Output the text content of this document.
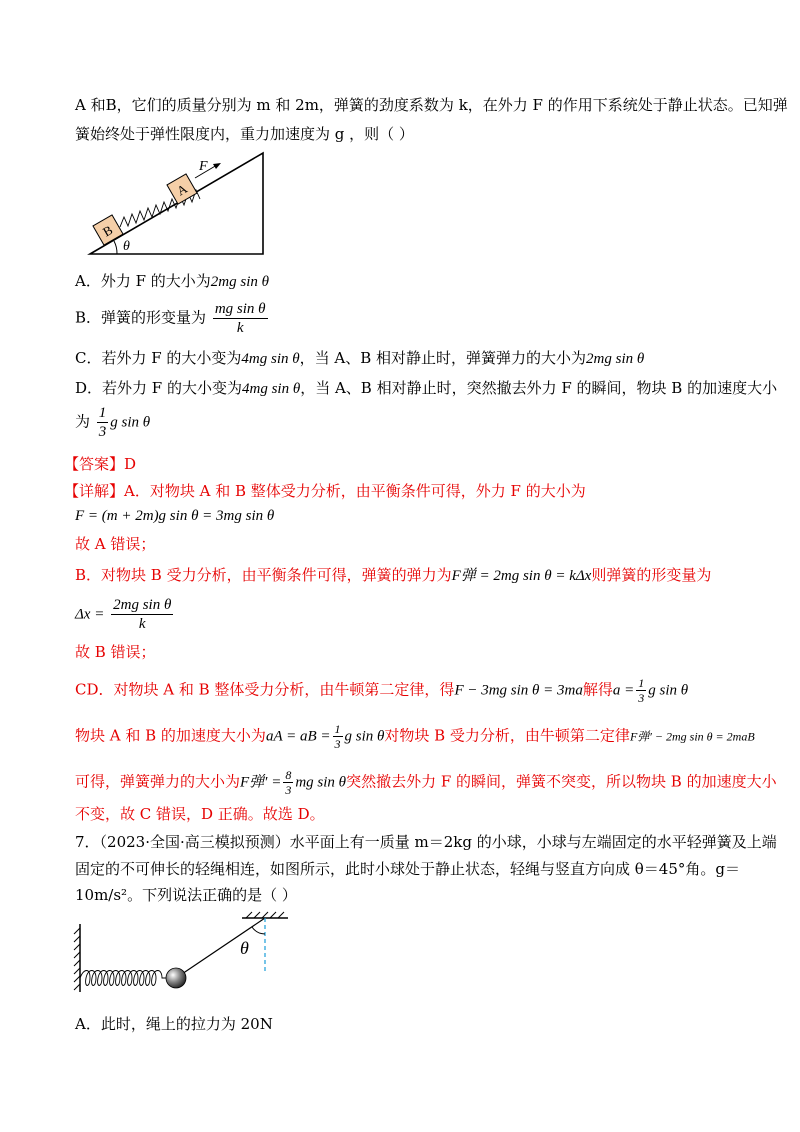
A 和B，它们的质量分别为 m 和 2m，弹簧的劲度系数为 k，在外力 F 的作用下系统处于静止状态。已知弹
簧始终处于弹性限度内，重力加速度为 g ，则（ ）
θ
B
A
F
A．外力 F 的大小为2mg sin θ
B．弹簧的形变量为 $\frac{\text{mg sin θ}}{k}$
C．若外力 F 的大小变为4mg sin θ，当 A、B 相对静止时，弹簧弹力的大小为2mg sin θ
D．若外力 F 的大小变为4mg sin θ，当 A、B 相对静止时，突然撤去外力 F 的瞬间，物块 B 的加速度大小
为 $\frac{1}{3}$ g sin θ
【答案】D
【详解】A．对物块 A 和 B 整体受力分析，由平衡条件可得，外力 F 的大小为
F = (m + 2m)g sin θ = 3mg sin θ
故 A 错误；
B．对物块 B 受力分析，由平衡条件可得，弹簧的弹力为F弹 = 2mg sin θ = kΔx则弹簧的形变量为
$\Delta x = \frac{\text{2mg sin θ}}{k}$
故 B 错误；
CD．对物块 A 和 B 整体受力分析，由牛顿第二定律，得F − 3mg sin θ = 3ma解得$a = \frac{1}{3}$ g sin θ
物块 A 和 B 的加速度大小为aA = aB = $\frac{1}{3}$ g sin θ对物块 B 受力分析，由牛顿第二定律F弹′ − 2mg sin θ = 2maB
可得，弹簧弹力的大小为F弹′ = $\frac{8}{3}$ mg sin θ突然撤去外力 F 的瞬间，弹簧不突变，所以物块 B 的加速度大小
不变，故 C 错误，D 正确。故选 D。
7．（2023·全国·高三模拟预测）水平面上有一质量 m＝2kg 的小球，小球与左端固定的水平轻弹簧及上端
固定的不可伸长的轻绳相连，如图所示，此时小球处于静止状态，轻绳与竖直方向成 θ＝45°角。g＝
10m/s²。下列说法正确的是（ ）
θ
A．此时，绳上的拉力为 20N
